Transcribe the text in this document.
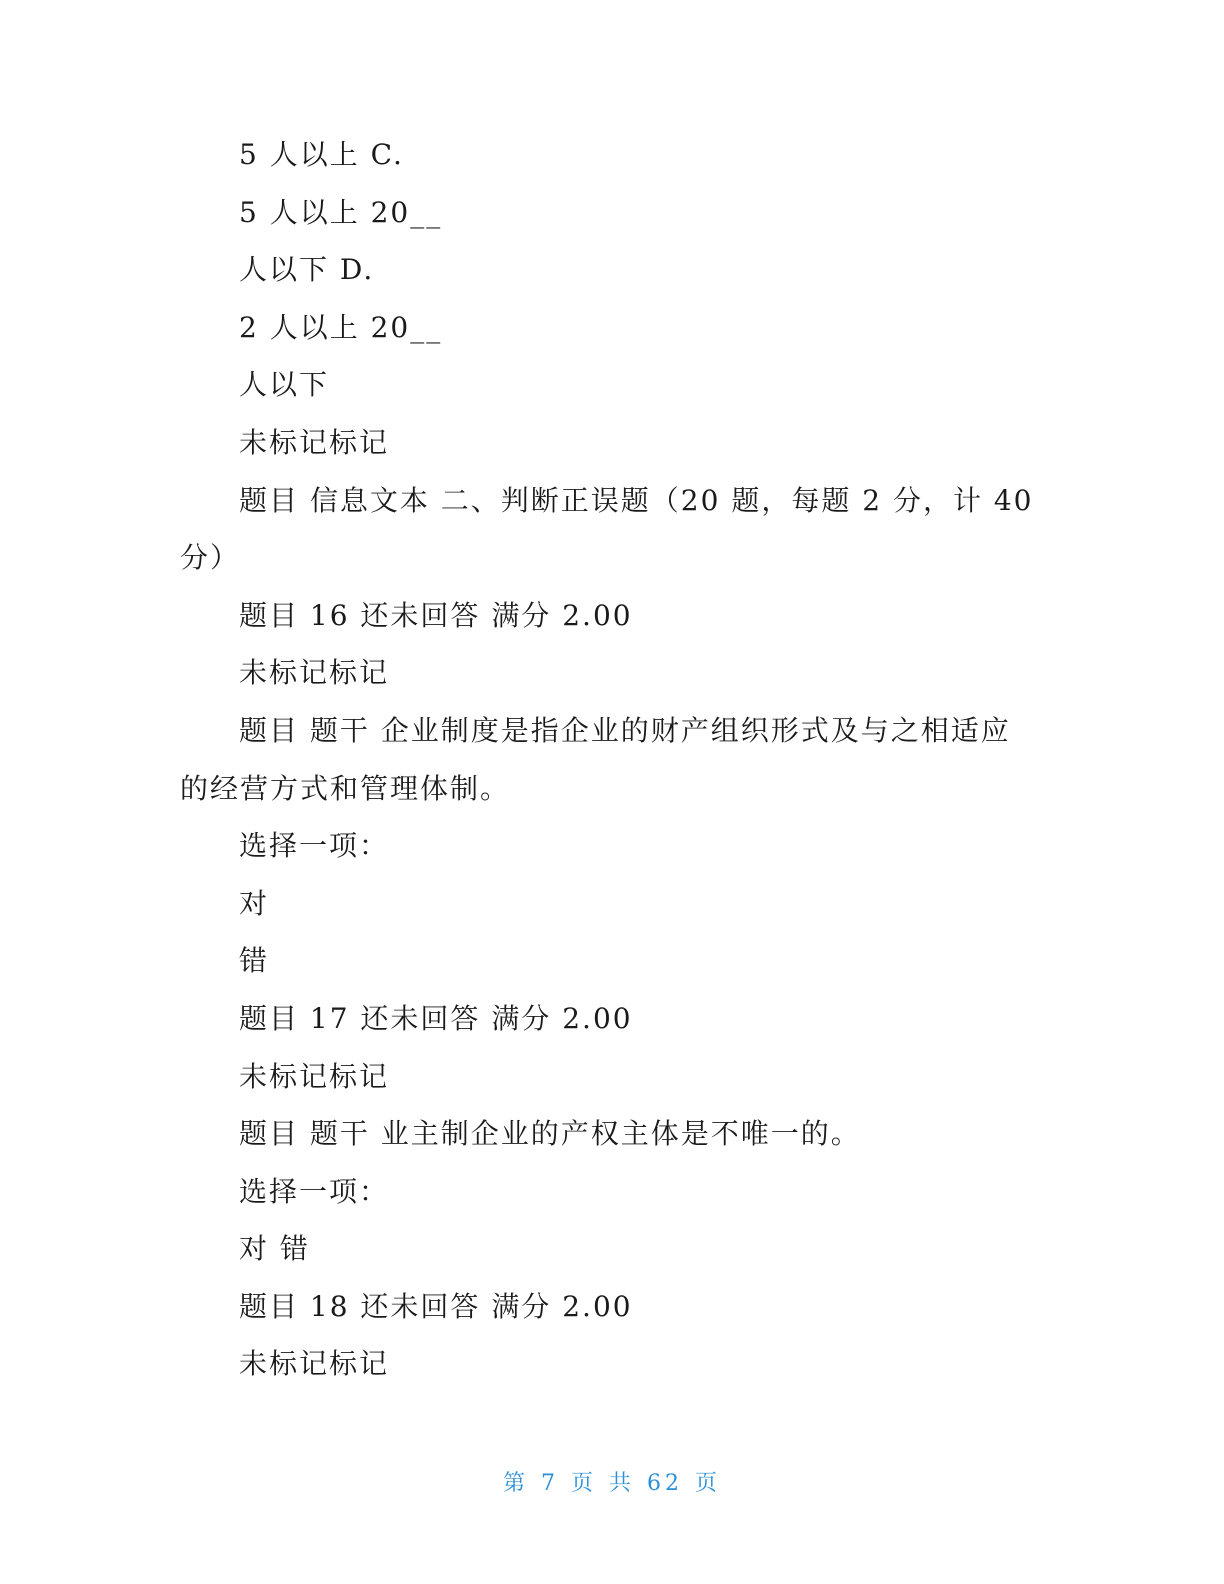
5 人以上 C.
5 人以上 20__
人以下 D.
2 人以上 20__
人以下
未标记标记
题目 信息文本 二、判断正误题（20 题，每题 2 分，计 40
分）
题目 16 还未回答 满分 2.00
未标记标记
题目 题干 企业制度是指企业的财产组织形式及与之相适应
的经营方式和管理体制。
选择一项：
对
错
题目 17 还未回答 满分 2.00
未标记标记
题目 题干 业主制企业的产权主体是不唯一的。
选择一项：
对 错
题目 18 还未回答 满分 2.00
未标记标记
第 7 页 共 62 页
